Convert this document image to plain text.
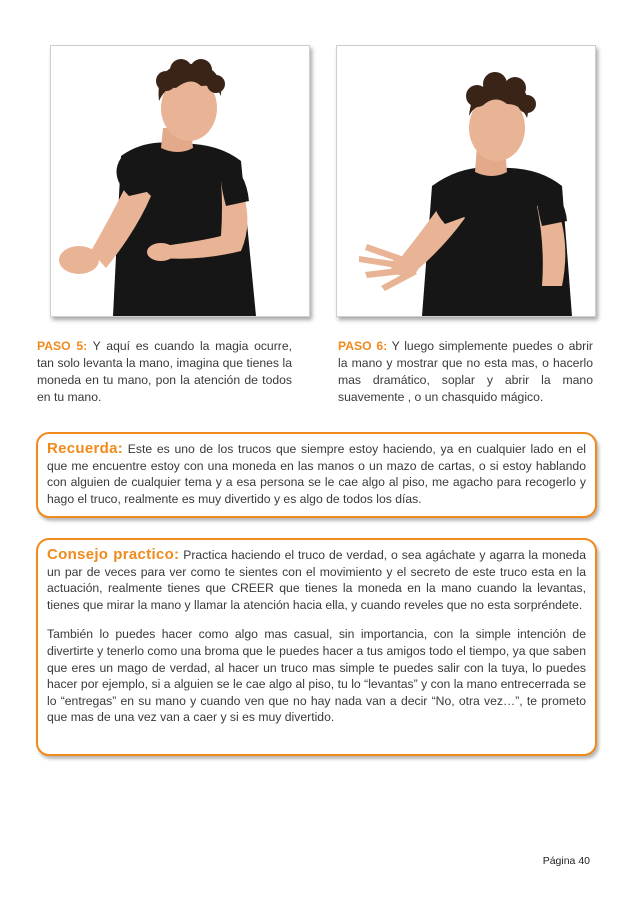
PASO 5: Y aquí es cuando la magia ocurre, tan solo levanta la mano, imagina que tienes la moneda en tu mano, pon la atención de todos en tu mano.
PASO 6: Y luego simplemente puedes o abrir la mano y mostrar que no esta mas, o hacerlo mas dramático, soplar y abrir la mano suavemente , o un chasquido mágico.

Recuerda: Este es uno de los trucos que siempre estoy haciendo, ya en cualquier lado en el que me encuentre estoy con una moneda en las manos o un mazo de cartas, o si estoy hablando con alguien de cualquier tema y a esa persona se le cae algo al piso, me agacho para recogerlo y hago el truco, realmente es muy divertido y es algo de todos los días.

Consejo practico: Practica haciendo el truco de verdad, o sea agáchate y agarra la moneda un par de veces para ver como te sientes con el movimiento y el secreto de este truco esta en la actuación, realmente tienes que CREER que tienes la moneda en la mano cuando la levantas, tienes que mirar la mano y llamar la atención hacia ella, y cuando reveles que no esta sorpréndete.

También lo puedes hacer como algo mas casual, sin importancia, con la simple intención de divertirte y tenerlo como una broma que le puedes hacer a tus amigos todo el tiempo, ya que saben que eres un mago de verdad, al hacer un truco mas simple te puedes salir con la tuya, lo puedes hacer por ejemplo, si a alguien se le cae algo al piso, tu lo “levantas” y con la mano entrecerrada se lo “entregas” en su mano y cuando ven que no hay nada van a decir “No, otra vez…”, te prometo que mas de una vez van a caer y si es muy divertido.

Página 40
